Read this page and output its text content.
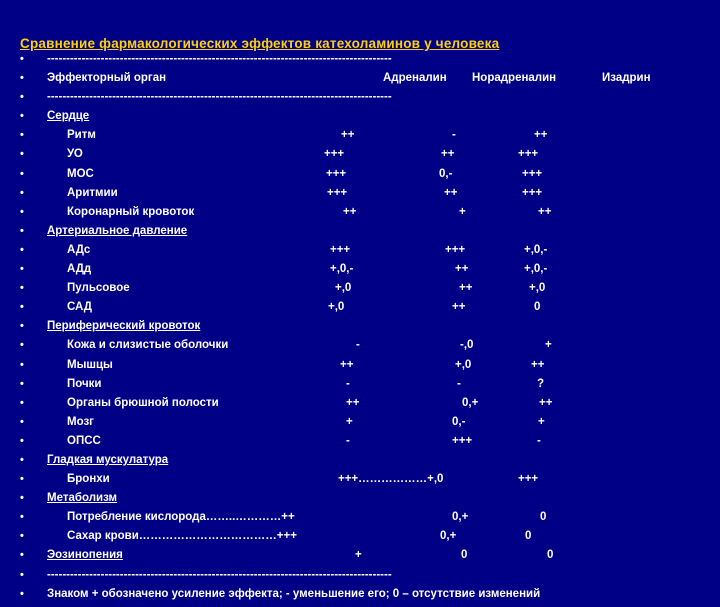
Сравнение фармакологических эффектов катехоламинов у человека
• ------------------------------------------------------------------------------------------
• Эффекторный орган	Адреналин Норадреналин	Изадрин
• ------------------------------------------------------------------------------------------
• Сердце
•	Ритм	++	-	++
•	УО	+++	++	+++
•	МОС	+++	0,-	+++
•	Аритмии	+++	++	+++
•	Коронарный кровоток	++	+	++
• Артериальное давление
•	АДс	+++	+++	+,0,-
•	АДд	+,0,-	++	+,0,-
•	Пульсовое	+,0	++	+,0
•	САД	+,0	++	0
• Периферический кровоток
•	Кожа и слизистые оболочки	-	-,0	+
•	Мышцы	++	+,0	++
•	Почки	-	-	?
•	Органы брюшной полости	++	0,+	++
•	Мозг	+	0,-	+
•	ОПСС	-	+++	-
• Гладкая мускулатура
•	Бронхи	+++………………+,0	+++
• Метаболизм
•	Потребление кислорода……..…………++	0,+	0
•	Сахар крови………………………………+++	0,+	0
• Эозинопения	+	0	0
• ------------------------------------------------------------------------------------------
• Знаком + обозначено усиление эффекта; - уменьшение его; 0 – отсутствие изменений
